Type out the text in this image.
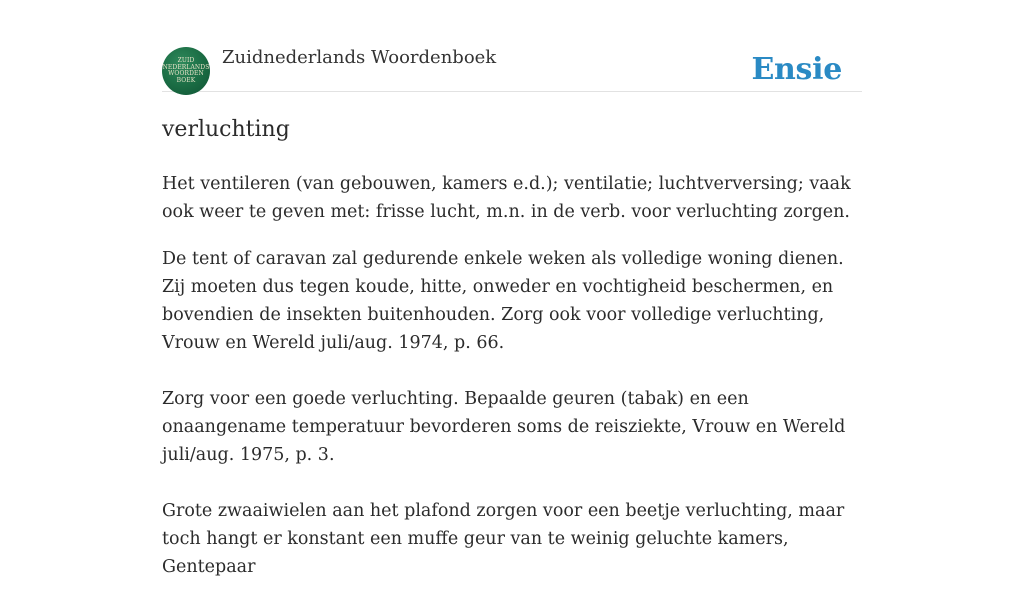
ZUID
NEDERLANDS
WOORDEN
BOEK
Zuidnederlands Woordenboek	Ensie
verluchting

Het ventileren (van gebouwen, kamers e.d.); ventilatie; luchtverversing; vaak ook weer te geven met: frisse lucht, m.n. in de verb. voor verluchting zorgen.

De tent of caravan zal gedurende enkele weken als volledige woning dienen. Zij moeten dus tegen koude, hitte, onweder en vochtigheid beschermen, en bovendien de insekten buitenhouden. Zorg ook voor volledige verluchting, Vrouw en Wereld juli/aug. 1974, p. 66.

Zorg voor een goede verluchting. Bepaalde geuren (tabak) en een onaangename temperatuur bevorderen soms de reisziekte, Vrouw en Wereld juli/aug. 1975, p. 3.

Grote zwaaiwielen aan het plafond zorgen voor een beetje verluchting, maar toch hangt er konstant een muffe geur van te weinig geluchte kamers, Gentepaar
